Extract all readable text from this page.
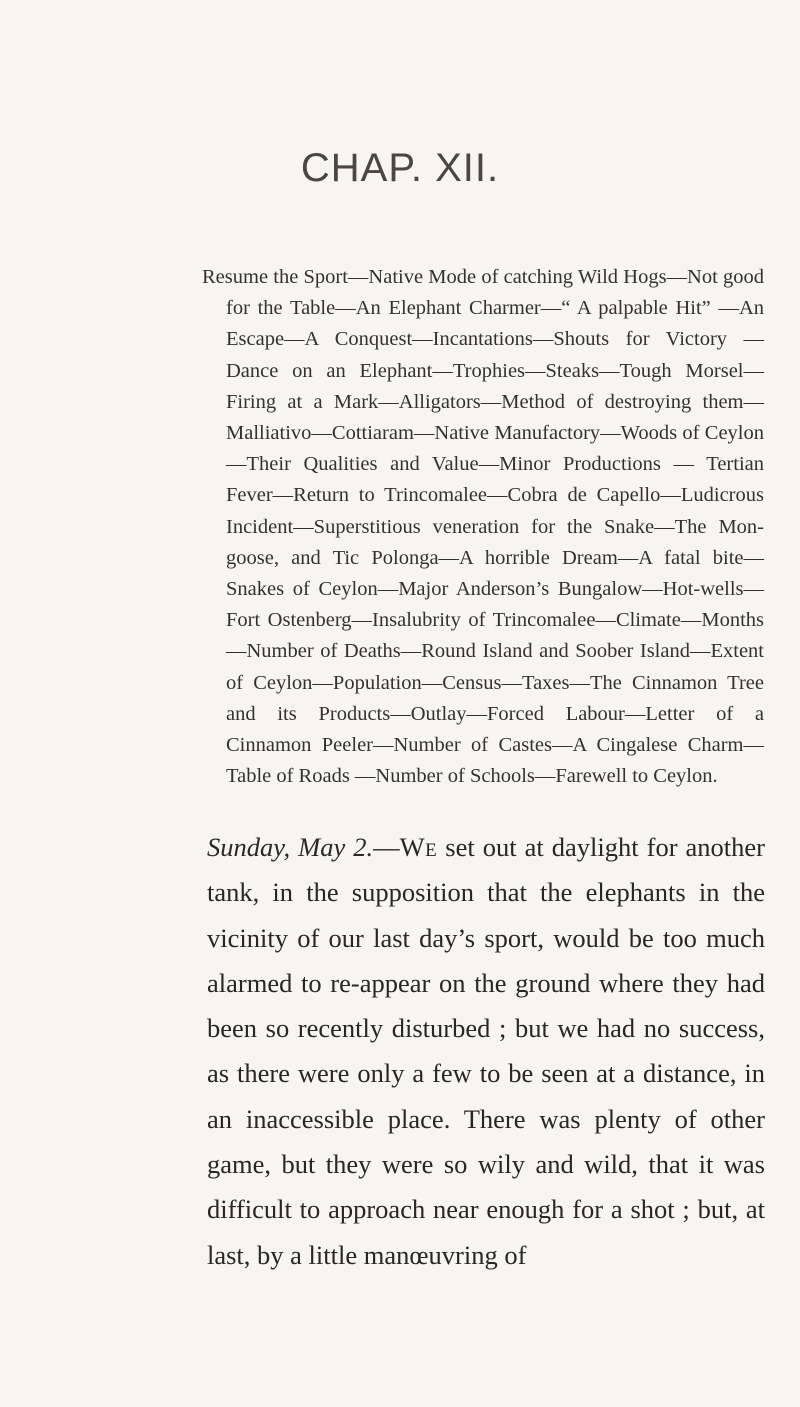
CHAP. XII.

Resume the Sport—Native Mode of catching Wild Hogs—Not good for the Table—An Elephant Charmer—“ A palpable Hit” —An Escape—A Conquest—Incantations—Shouts for Victory —Dance on an Elephant—Trophies—Steaks—Tough Morsel— Firing at a Mark—Alligators—Method of destroying them— Malliativo—Cottiaram—Native Manufactory—Woods of Ceylon —Their Qualities and Value—Minor Productions — Tertian Fever—Return to Trincomalee—Cobra de Capello—Ludicrous Incident—Superstitious veneration for the Snake—The Mon- goose, and Tic Polonga—A horrible Dream—A fatal bite— Snakes of Ceylon—Major Anderson’s Bungalow—Hot-wells— Fort Ostenberg—Insalubrity of Trincomalee—Climate—Months —Number of Deaths—Round Island and Soober Island—Extent of Ceylon—Population—Census—Taxes—The Cinnamon Tree and its Products—Outlay—Forced Labour—Letter of a Cinnamon Peeler—Number of Castes—A Cingalese Charm—Table of Roads —Number of Schools—Farewell to Ceylon.

Sunday, May 2.—We set out at daylight for another tank, in the supposition that the elephants in the vicinity of our last day’s sport, would be too much alarmed to re-appear on the ground where they had been so recently disturbed ; but we had no success, as there were only a few to be seen at a distance, in an inaccessible place. There was plenty of other game, but they were so wily and wild, that it was difficult to approach near enough for a shot ; but, at last, by a little manœuvring of
